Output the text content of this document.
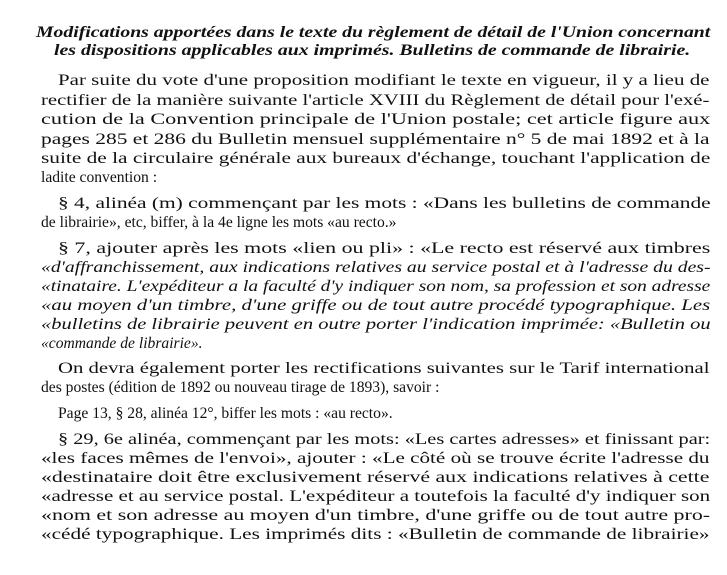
Modifications apportées dans le texte du règlement de détail de l'Union concernant
les dispositions applicables aux imprimés. Bulletins de commande de librairie.
Par suite du vote d'une proposition modifiant le texte en vigueur, il y a lieu de
rectifier de la manière suivante l'article XVIII du Règlement de détail pour l'exé-
cution de la Convention principale de l'Union postale; cet article figure aux
pages 285 et 286 du Bulletin mensuel supplémentaire n° 5 de mai 1892 et à la
suite de la circulaire générale aux bureaux d'échange, touchant l'application de
ladite convention :
§ 4, alinéa (m) commençant par les mots : «Dans les bulletins de commande
de librairie», etc, biffer, à la 4e ligne les mots «au recto.»
§ 7, ajouter après les mots «lien ou pli» : «Le recto est réservé aux timbres
«d'affranchissement, aux indications relatives au service postal et à l'adresse du des-
«tinataire. L'expéditeur a la faculté d'y indiquer son nom, sa profession et son adresse
«au moyen d'un timbre, d'une griffe ou de tout autre procédé typographique. Les
«bulletins de librairie peuvent en outre porter l'indication imprimée: «Bulletin ou
«commande de librairie».
On devra également porter les rectifications suivantes sur le Tarif international
des postes (édition de 1892 ou nouveau tirage de 1893), savoir :
Page 13, § 28, alinéa 12°, biffer les mots : «au recto».
§ 29, 6e alinéa, commençant par les mots: «Les cartes adresses» et finissant par:
«les faces mêmes de l'envoi», ajouter : «Le côté où se trouve écrite l'adresse du
«destinataire doit être exclusivement réservé aux indications relatives à cette
«adresse et au service postal. L'expéditeur a toutefois la faculté d'y indiquer son
«nom et son adresse au moyen d'un timbre, d'une griffe ou de tout autre pro-
«cédé typographique. Les imprimés dits : «Bulletin de commande de librairie»
